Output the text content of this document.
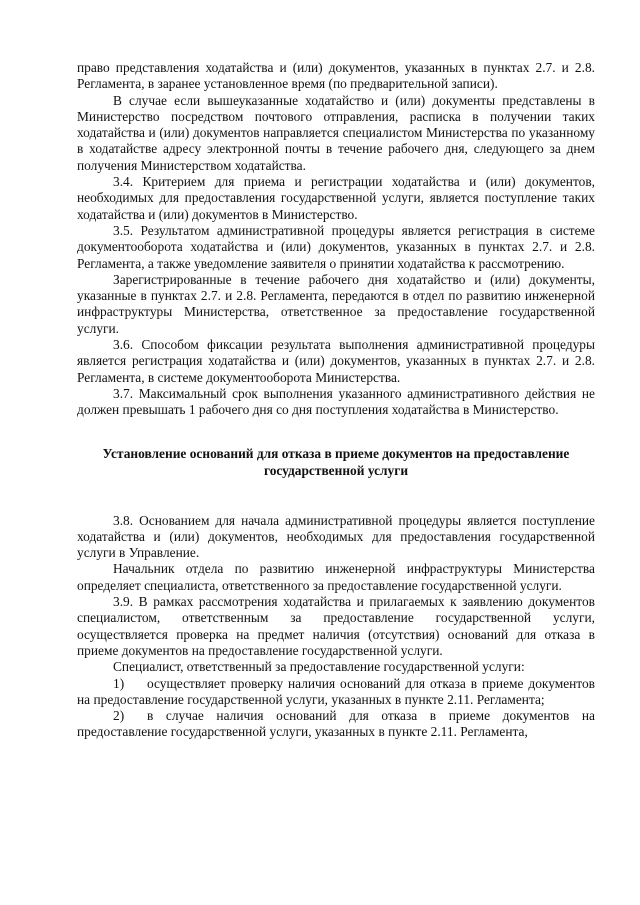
право представления ходатайства и (или) документов, указанных в пунктах 2.7. и 2.8. Регламента, в заранее установленное время (по предварительной записи).

В случае если вышеуказанные ходатайство и (или) документы представлены в Министерство посредством почтового отправления, расписка в получении таких ходатайства и (или) документов направляется специалистом Министерства по указанному в ходатайстве адресу электронной почты в течение рабочего дня, следующего за днем получения Министерством ходатайства.

3.4. Критерием для приема и регистрации ходатайства и (или) документов, необходимых для предоставления государственной услуги, является поступление таких ходатайства и (или) документов в Министерство.

3.5. Результатом административной процедуры является регистрация в системе документооборота ходатайства и (или) документов, указанных в пунктах 2.7. и 2.8. Регламента, а также уведомление заявителя о принятии ходатайства к рассмотрению.

Зарегистрированные в течение рабочего дня ходатайство и (или) документы, указанные в пунктах 2.7. и 2.8. Регламента, передаются в отдел по развитию инженерной инфраструктуры Министерства, ответственное за предоставление государственной услуги.

3.6. Способом фиксации результата выполнения административной процедуры является регистрация ходатайства и (или) документов, указанных в пунктах 2.7. и 2.8. Регламента, в системе документооборота Министерства.

3.7. Максимальный срок выполнения указанного административного действия не должен превышать 1 рабочего дня со дня поступления ходатайства в Министерство.

Установление оснований для отказа в приеме документов на предоставление государственной услуги

3.8. Основанием для начала административной процедуры является поступление ходатайства и (или) документов, необходимых для предоставления государственной услуги в Управление.

Начальник отдела по развитию инженерной инфраструктуры Министерства определяет специалиста, ответственного за предоставление государственной услуги.

3.9. В рамках рассмотрения ходатайства и прилагаемых к заявлению документов специалистом, ответственным за предоставление государственной услуги, осуществляется проверка на предмет наличия (отсутствия) оснований для отказа в приеме документов на предоставление государственной услуги.

Специалист, ответственный за предоставление государственной услуги:

1) осуществляет проверку наличия оснований для отказа в приеме документов на предоставление государственной услуги, указанных в пункте 2.11. Регламента;

2) в случае наличия оснований для отказа в приеме документов на предоставление государственной услуги, указанных в пункте 2.11. Регламента,
